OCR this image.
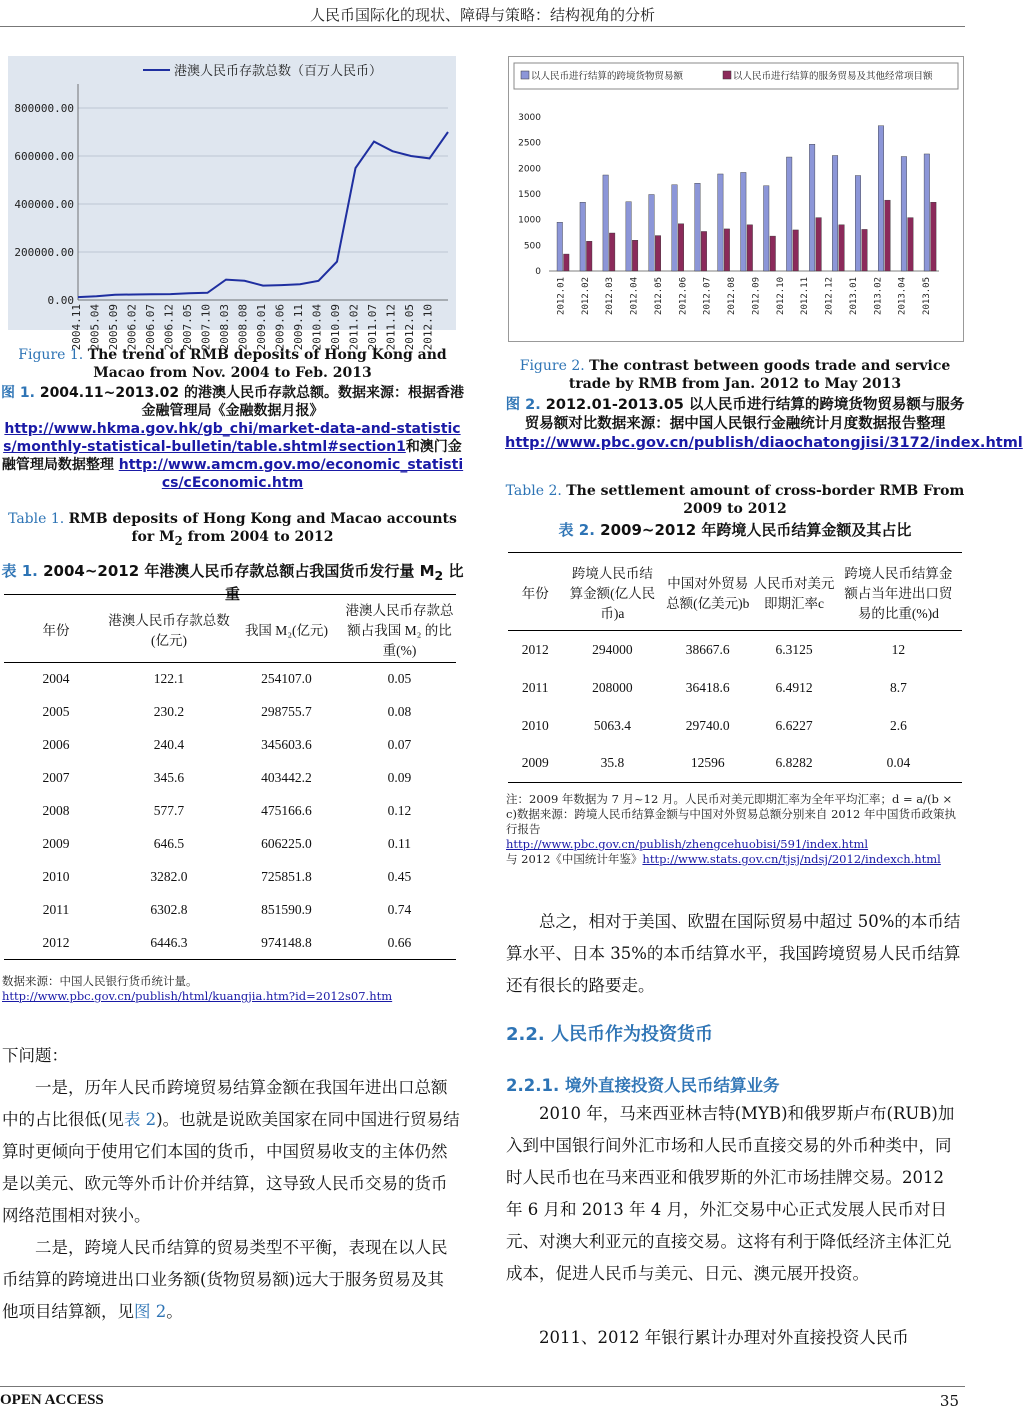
人民币国际化的现状、障碍与策略：结构视角的分析
0.00
200000.00
400000.00
600000.00
800000.00
2004.11 2005.04 2005.09 2006.02 2006.07 2006.12 2007.05 2007.10 2008.03 2008.08 2009.01 2009.06 2009.11 2010.04 2010.09 2011.02 2011.07 2011.12 2012.05 2012.10
港澳人民币存款总数（百万人民币）
Figure 1. The trend of RMB deposits of Hong Kong and Macao from Nov. 2004 to Feb. 2013
图 1. 2004.11~2013.02 的港澳人民币存款总额。数据来源：根据香港金融管理局《金融数据月报》
http://www.hkma.gov.hk/gb_chi/market-data-and-statistics/monthly-statistical-bulletin/table.shtml#section1和澳门金融管理局数据整理 http://www.amcm.gov.mo/economic_statistics/cEconomic.htm
Table 1. RMB deposits of Hong Kong and Macao accounts for $M_2$ from 2004 to 2012
表 1. 2004~2012 年港澳人民币存款总额占我国货币发行量 $M_2$ 比重
年份	港澳人民币存款总数(亿元)	我国 M₂(亿元)	港澳人民币存款总额占我国 M₂ 的比重(%)
2004	122.1	254107.0	0.05
2005	230.2	298755.7	0.08
2006	240.4	345603.6	0.07
2007	345.6	403442.2	0.09
2008	577.7	475166.6	0.12
2009	646.5	606225.0	0.11
2010	3282.0	725851.8	0.45
2011	6302.8	851590.9	0.74
2012	6446.3	974148.8	0.66
数据来源：中国人民银行货币统计量。
http://www.pbc.gov.cn/publish/html/kuangjia.htm?id=2012s07.htm
下问题：
一是，历年人民币跨境贸易结算金额在我国年进出口总额中的占比很低(见表 2)。也就是说欧美国家在同中国进行贸易结算时更倾向于使用它们本国的货币，中国贸易收支的主体仍然是以美元、欧元等外币计价并结算，这导致人民币交易的货币网络范围相对狭小。
二是，跨境人民币结算的贸易类型不平衡，表现在以人民币结算的跨境进出口业务额(货物贸易额)远大于服务贸易及其他项目结算额，见图 2。
以人民币进行结算的跨境货物贸易额	以人民币进行结算的服务贸易及其他经常项目额
0
500
1000
1500
2000
2500
3000
2012.01 2012.02 2012.03 2012.04 2012.05 2012.06 2012.07 2012.08 2012.09 2012.10 2012.11 2012.12 2013.01 2013.02 2013.04 2013.05
Figure 2. The contrast between goods trade and service trade by RMB from Jan. 2012 to May 2013
图 2. 2012.01-2013.05 以人民币进行结算的跨境货物贸易额与服务贸易额对比数据来源：据中国人民银行金融统计月度数据报告整理http://www.pbc.gov.cn/publish/diaochatongjisi/3172/index.html
Table 2. The settlement amount of cross-border RMB From 2009 to 2012
表 2. 2009~2012 年跨境人民币结算金额及其占比
年份	跨境人民币结算金额(亿人民币)a	中国对外贸易总额(亿美元)b	人民币对美元即期汇率c	跨境人民币结算金额占当年进出口贸易的比重(%)d
2012	294000	38667.6	6.3125	12
2011	208000	36418.6	6.4912	8.7
2010	5063.4	29740.0	6.6227	2.6
2009	35.8	12596	6.8282	0.04
注：2009 年数据为 7 月~12 月。人民币对美元即期汇率为全年平均汇率；d = a/(b × c)数据来源：跨境人民币结算金额与中国对外贸易总额分别来自 2012 年中国货币政策执行报告
http://www.pbc.gov.cn/publish/zhengcehuobisi/591/index.html
与 2012《中国统计年鉴》http://www.stats.gov.cn/tjsj/ndsj/2012/indexch.html
总之，相对于美国、欧盟在国际贸易中超过 50%的本币结算水平、日本 35%的本币结算水平，我国跨境贸易人民币结算还有很长的路要走。
2.2. 人民币作为投资货币
2.2.1. 境外直接投资人民币结算业务
2010 年，马来西亚林吉特(MYB)和俄罗斯卢布(RUB)加入到中国银行间外汇市场和人民币直接交易的外币种类中，同时人民币也在马来西亚和俄罗斯的外汇市场挂牌交易。2012 年 6 月和 2013 年 4 月，外汇交易中心正式发展人民币对日元、对澳大利亚元的直接交易。这将有利于降低经济主体汇兑成本，促进人民币与美元、日元、澳元展开投资。
2011、2012 年银行累计办理对外直接投资人民币
OPEN ACCESS	35
